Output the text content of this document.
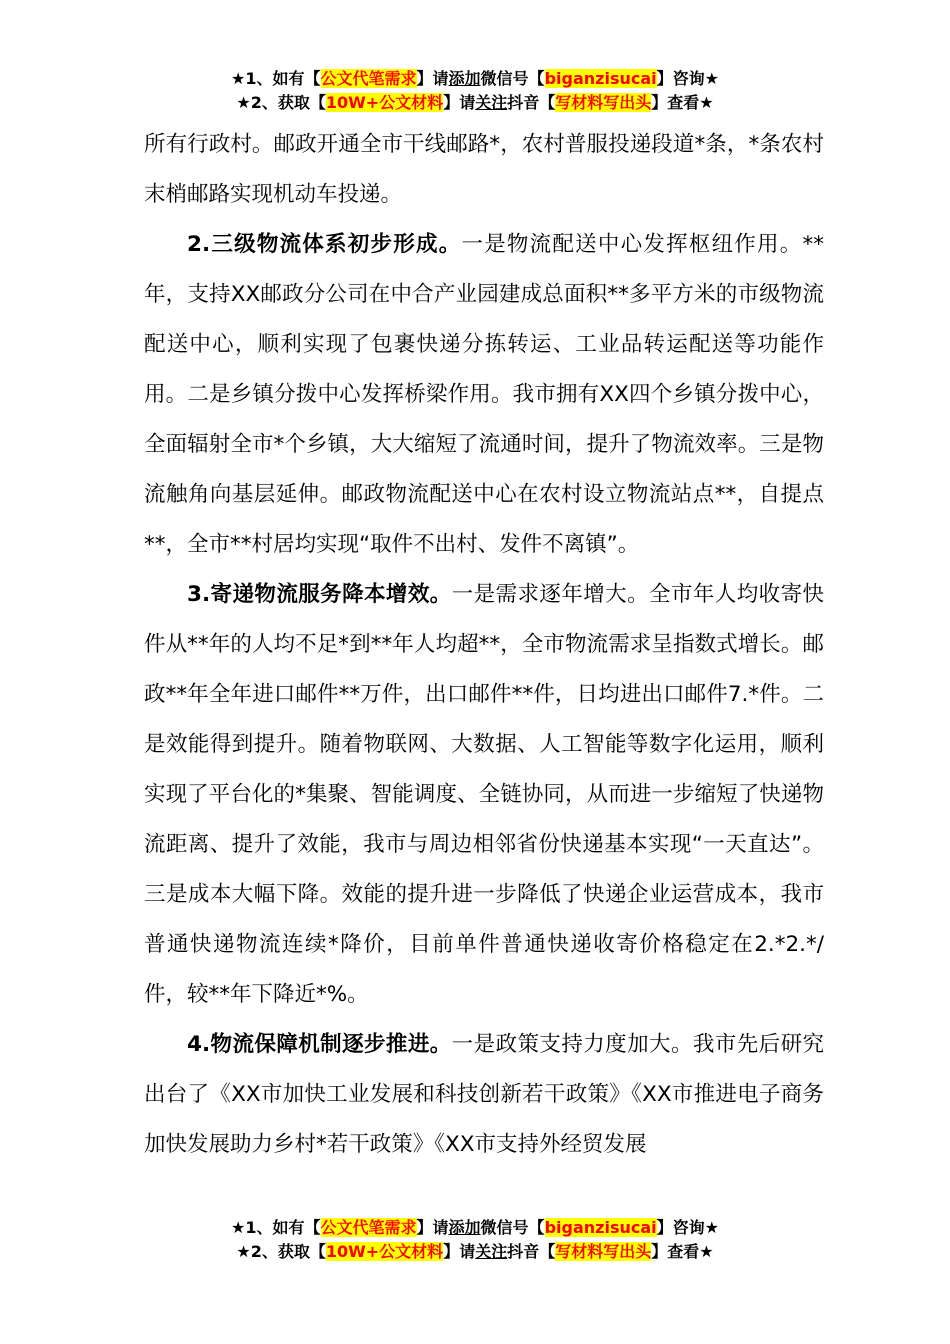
★1、如有【公文代笔需求】请添加微信号【biganzisucai】咨询★
★2、获取【10W+公文材料】请关注抖音【写材料写出头】查看★

所有行政村。邮政开通全市干线邮路*，农村普服投递段道*条，*条农村末梢邮路实现机动车投递。

2.三级物流体系初步形成。一是物流配送中心发挥枢纽作用。**年，支持XX邮政分公司在中合产业园建成总面积**多平方米的市级物流配送中心，顺利实现了包裹快递分拣转运、工业品转运配送等功能作用。二是乡镇分拨中心发挥桥梁作用。我市拥有XX四个乡镇分拨中心，全面辐射全市*个乡镇，大大缩短了流通时间，提升了物流效率。三是物流触角向基层延伸。邮政物流配送中心在农村设立物流站点**，自提点**，全市**村居均实现“取件不出村、发件不离镇”。

3.寄递物流服务降本增效。一是需求逐年增大。全市年人均收寄快件从**年的人均不足*到**年人均超**，全市物流需求呈指数式增长。邮政**年全年进口邮件**万件，出口邮件**件，日均进出口邮件7.*件。二是效能得到提升。随着物联网、大数据、人工智能等数字化运用，顺利实现了平台化的*集聚、智能调度、全链协同，从而进一步缩短了快递物流距离、提升了效能，我市与周边相邻省份快递基本实现“一天直达”。三是成本大幅下降。效能的提升进一步降低了快递企业运营成本，我市普通快递物流连续*降价，目前单件普通快递收寄价格稳定在2.*2.*/件，较**年下降近*%。

4.物流保障机制逐步推进。一是政策支持力度加大。我市先后研究出台了《XX市加快工业发展和科技创新若干政策》《XX市推进电子商务加快发展助力乡村*若干政策》《XX市支持外经贸发展

★1、如有【公文代笔需求】请添加微信号【biganzisucai】咨询★
★2、获取【10W+公文材料】请关注抖音【写材料写出头】查看★
